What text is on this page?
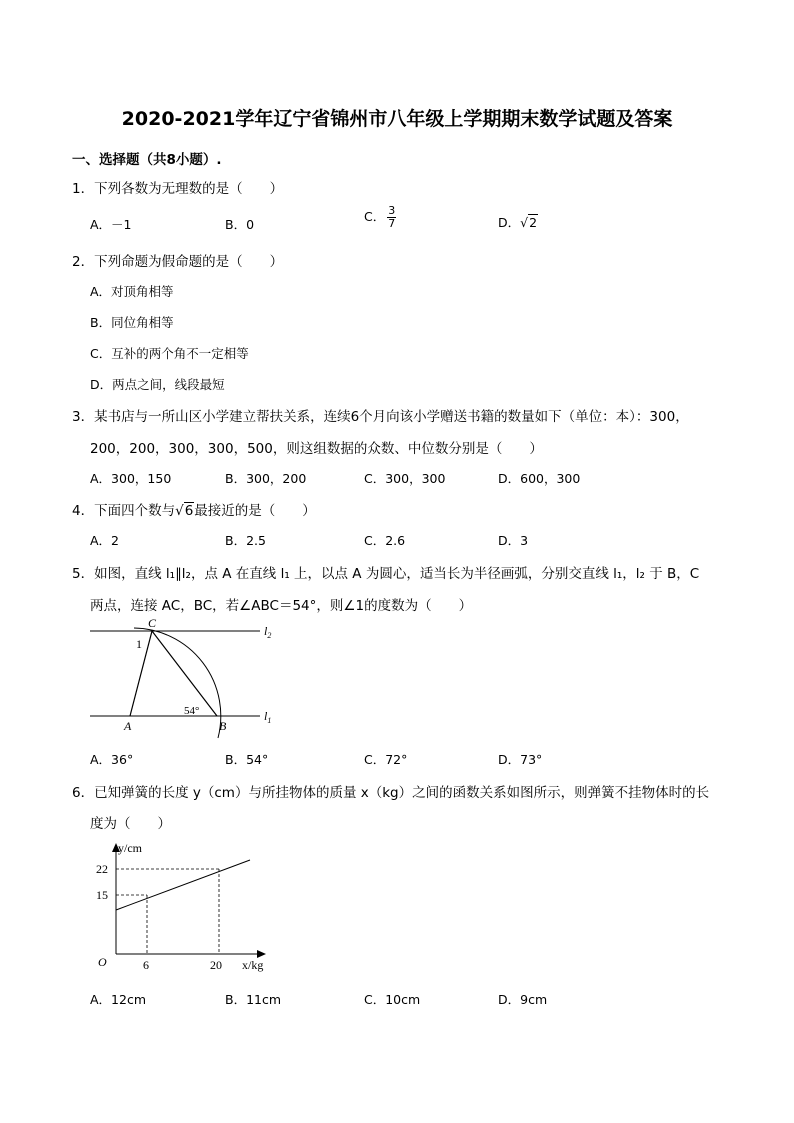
2020-2021学年辽宁省锦州市八年级上学期期末数学试题及答案
一、选择题（共8小题）.
1．下列各数为无理数的是（　　）
A．－1	B．0
C． $\frac{3}{7}$	D．√2
2．下列命题为假命题的是（　　）
A．对顶角相等
B．同位角相等
C．互补的两个角不一定相等
D．两点之间，线段最短
3．某书店与一所山区小学建立帮扶关系，连续6个月向该小学赠送书籍的数量如下（单位：本）：300，
200，200，300，300，500，则这组数据的众数、中位数分别是（　　）
A．300，150	B．300，200	C．300，300	D．600，300
4．下面四个数与√6最接近的是（　　）
A．2	B．2.5	C．2.6	D．3
5．如图，直线 l₁∥l₂，点 A 在直线 l₁ 上，以点 A 为圆心，适当长为半径画弧，分别交直线 l₁，l₂ 于 B，C
两点，连接 AC，BC，若∠ABC＝54°，则∠1的度数为（　　）
C
1
A	B
54°
$l_2$
$l_1$
A．36°	B．54°	C．72°	D．73°
6．已知弹簧的长度 y（cm）与所挂物体的质量 x（kg）之间的函数关系如图所示，则弹簧不挂物体时的长
度为（　　）
y/cm
x/kg
O
22
15
6	20
A．12cm	B．11cm	C．10cm	D．9cm
